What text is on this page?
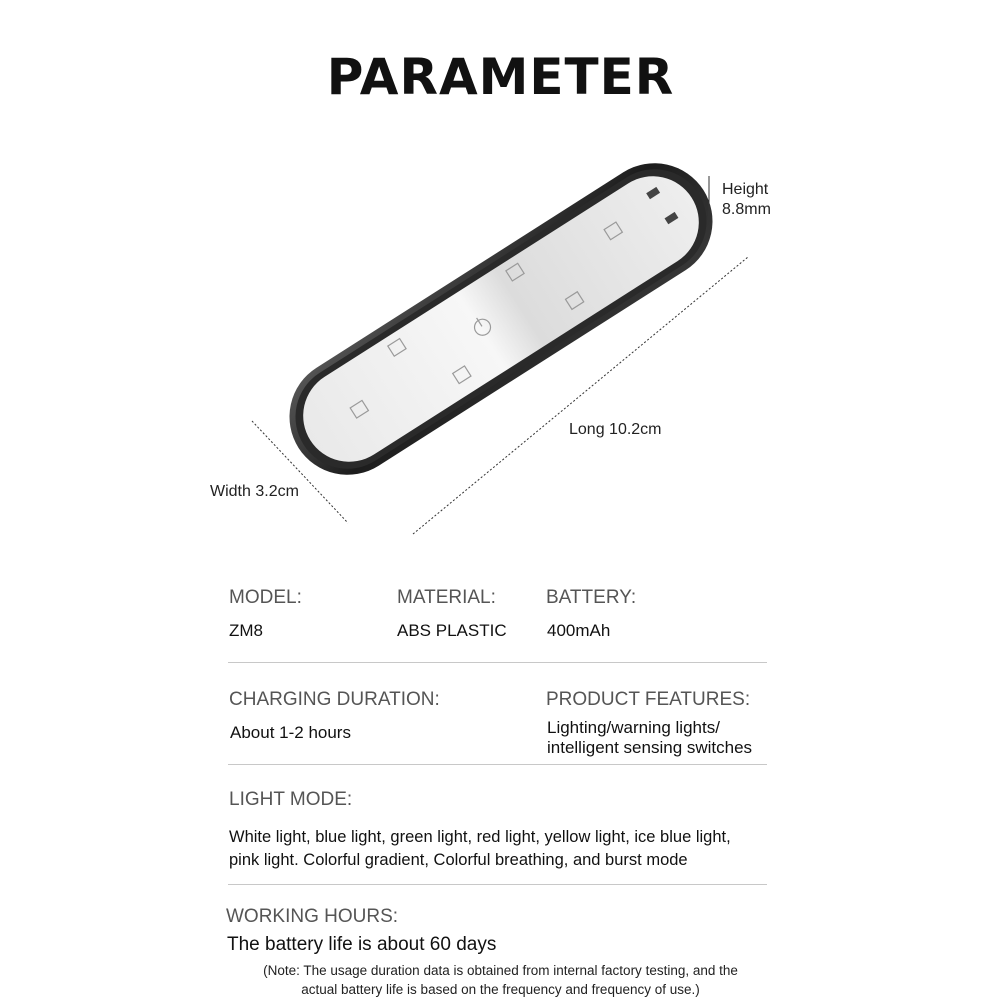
PARAMETER
Height
8.8mm
Long 10.2cm
Width 3.2cm
MODEL:
ZM8
MATERIAL:
ABS PLASTIC
BATTERY:
400mAh
CHARGING DURATION:
About 1-2 hours
PRODUCT FEATURES:
Lighting/warning lights/
intelligent sensing switches
LIGHT MODE:
White light, blue light, green light, red light, yellow light, ice blue light,
pink light. Colorful gradient, Colorful breathing, and burst mode
WORKING HOURS:
The battery life is about 60 days
(Note: The usage duration data is obtained from internal factory testing, and the
actual battery life is based on the frequency and frequency of use.)
